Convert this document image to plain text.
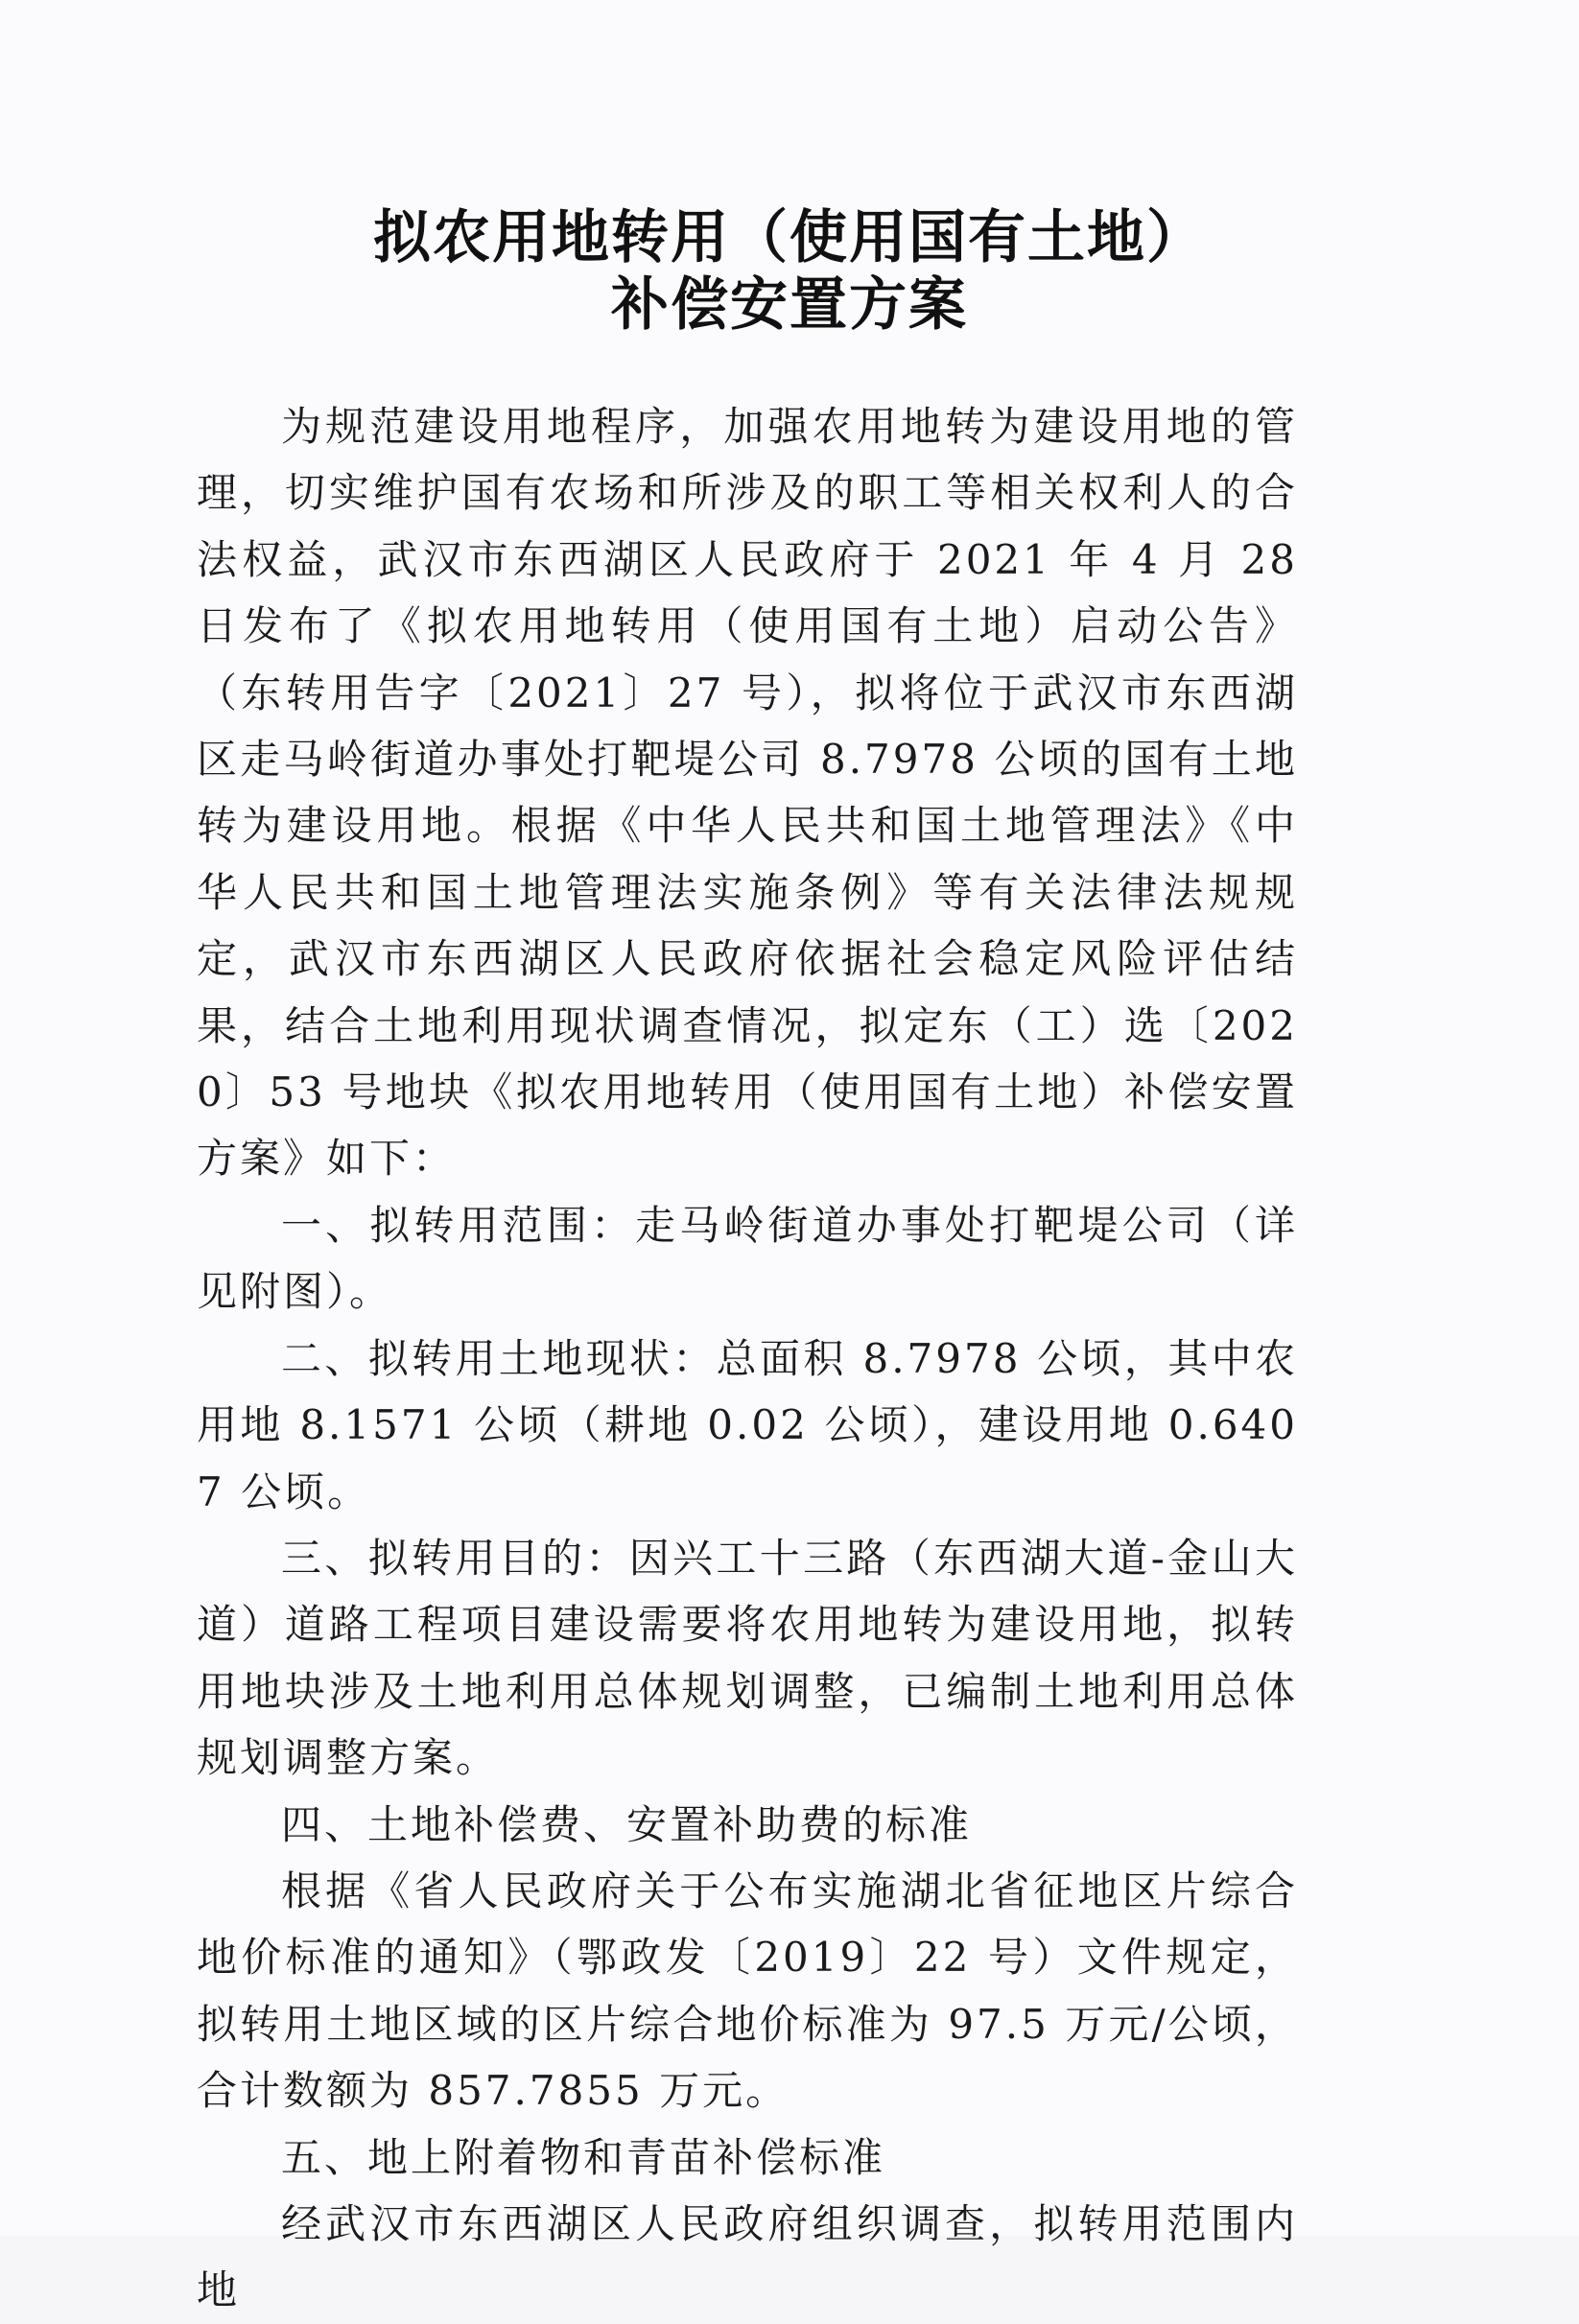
拟农用地转用（使用国有土地）
补偿安置方案

为规范建设用地程序，加强农用地转为建设用地的管理，切实维护国有农场和所涉及的职工等相关权利人的合法权益，武汉市东西湖区人民政府于 2021 年 4 月 28 日发布了《拟农用地转用（使用国有土地）启动公告》（东转用告字〔2021〕27 号），拟将位于武汉市东西湖区走马岭街道办事处打靶堤公司 8.7978 公顷的国有土地转为建设用地。根据《中华人民共和国土地管理法》《中华人民共和国土地管理法实施条例》等有关法律法规规定，武汉市东西湖区人民政府依据社会稳定风险评估结果，结合土地利用现状调查情况，拟定东（工）选〔2020〕53 号地块《拟农用地转用（使用国有土地）补偿安置方案》如下：

一、拟转用范围：走马岭街道办事处打靶堤公司（详见附图）。

二、拟转用土地现状：总面积 8.7978 公顷，其中农用地 8.1571 公顷（耕地 0.02 公顷），建设用地 0.6407 公顷。

三、拟转用目的：因兴工十三路（东西湖大道-金山大道）道路工程项目建设需要将农用地转为建设用地，拟转用地块涉及土地利用总体规划调整，已编制土地利用总体规划调整方案。

四、土地补偿费、安置补助费的标准

根据《省人民政府关于公布实施湖北省征地区片综合地价标准的通知》（鄂政发〔2019〕22 号）文件规定，拟转用土地区域的区片综合地价标准为 97.5 万元/公顷，合计数额为 857.7855 万元。

五、地上附着物和青苗补偿标准

经武汉市东西湖区人民政府组织调查，拟转用范围内地
